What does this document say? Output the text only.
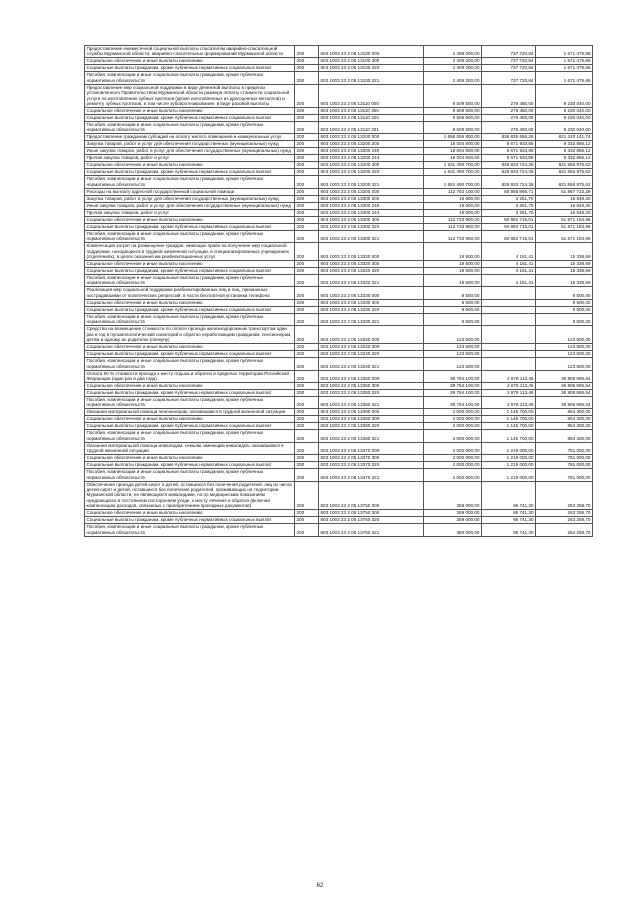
Предоставление ежемесячной социальной выплаты спасателям аварийно-спасательной службы Мурманской области, аварийно-спасательных формирований Мурманской области	200	603 1003 23 2 05 13100 000	2 499 200,00	737 720,84	1 671 479,86
Социальное обеспечение и иные выплаты населению	200	603 1003 23 2 05 13100 300	2 409 200,00	737 720,84	1 671 479,86
Социальные выплаты гражданам, кроме публичных нормативных социальных выплат	200	603 1003 23 2 05 13100 320	2 409 200,00	737 720,84	1 671 479,86
Пособия, компенсации и иные социальные выплаты гражданам, кроме публичных нормативных обязательств	200	603 1003 23 2 05 13100 321	2 409 200,00	737 720,84	1 671 479,86
Предоставление мер социальной поддержки в виде денежной выплаты в пределах установленного Правительством Мурманской области размера оплаты стоимости социальной услуги по изготовлению зубных протезов (кроме изготовленных из драгоценных металлов) и ремонту зубных протезов, в том числе зубопротезирование, в виде разовой выплаты	200	603 1003 23 2 05 13110 000	9 509 500,00	279 460,00	9 230 040,00
Социальное обеспечение и иные выплаты населению	200	603 1003 23 2 05 13110 300	9 509 500,00	279 460,00	9 230 040,00
Социальные выплаты гражданам, кроме публичных нормативных социальных выплат	200	603 1003 23 2 05 13110 320	9 509 500,00	279 460,00	9 230 040,00
Пособия, компенсации и иные социальные выплаты гражданам, кроме публичных нормативных обязательств	200	603 1003 23 2 05 13110 321	9 509 500,00	279 460,00	9 230 040,00
Предоставление гражданам субсидий на оплату жилого помещения и коммунальных услуг	200	603 1003 23 2 05 13200 000	1 658 055 800,00	836 835 658,26	821 220 141,74
Закупка товаров, работ и услуг для обеспечения государственных (муниципальных) нужд	200	603 1003 23 2 05 13200 200	18 004 800,00	8 671 933,88	9 332 866,12
Иные закупки товаров, работ и услуг для обеспечения государственных (муниципальных) нужд	200	603 1003 23 2 05 13200 240	18 004 800,00	8 671 933,88	9 332 866,12
Прочая закупка товаров, работ и услуг	200	603 1003 23 2 05 13200 244	18 004 800,00	8 671 933,88	9 332 866,12
Социальное обеспечение и иные выплаты населению	200	603 1003 23 2 05 13200 300	1 631 490 700,00	828 833 724,38	821 556 975,62
Социальные выплаты гражданам, кроме публичных нормативных социальных выплат	200	603 1003 23 2 05 13200 320	1 631 490 700,00	828 833 724,38	821 556 975,62
Пособия, компенсации и иные социальные выплаты гражданам, кроме публичных нормативных обязательств	200	603 1003 23 2 05 13200 321	1 651 490 700,00	829 933 724,38	821 556 975,62
Расходы на выплату адресной государственной социальной помощи	200	603 1003 23 2 05 13300 000	112 763 100,00	60 866 866,71	51 887 733,29
Закупка товаров, работ и услуг для обеспечения государственных (муниципальных) нужд	200	603 1003 23 2 05 13300 200	19 600,00	3 251,70	16 548,30
Иные закупки товаров, работ и услуг для обеспечения государственных (муниципальных) нужд	200	603 1003 23 2 05 13300 240	19 600,00	3 251,70	16 548,30
Прочая закупка товаров, работ и услуг	200	603 1003 23 2 05 13300 244	19 600,00	3 251,70	16 548,30
Социальное обеспечение и иные выплаты населению	200	603 1003 23 2 05 13300 300	112 733 900,00	60 862 715,01	51 871 184,99
Социальные выплаты гражданам, кроме публичных нормативных социальных выплат	200	603 1003 23 2 05 13300 320	112 733 900,00	60 862 715,01	51 871 184,99
Пособия, компенсации и иные социальные выплаты гражданам, кроме публичных нормативных обязательств	200	603 1003 23 2 05 13300 321	112 733 900,00	60 862 715,01	51 871 184,99
Компенсация затрат на размещение граждан, имеющих право на получение мер социальной поддержки, находящихся в трудной жизненной ситуации, в специализированных учреждениях (отделениях), в целях оказания им реабилитационных услуг	200	603 1003 23 2 05 13320 000	19 500,00	4 161,41	15 338,59
Социальное обеспечение и иные выплаты населению	200	603 1003 23 2 05 13320 300	19 500,00	4 161,41	15 338,59
Социальные выплаты гражданам, кроме публичных нормативных социальных выплат	200	603 1003 23 2 05 13320 320	19 500,00	4 161,41	15 338,59
Пособия, компенсации и иные социальные выплаты гражданам, кроме публичных нормативных обязательств	200	603 1003 23 2 05 13320 321	19 500,00	4 161,41	15 338,59
Реализация мер социальной поддержки реабилитированных лиц и лиц, признанных пострадавшими от политических репрессий, в части бесплатной установки телефона	200	603 1003 23 2 05 13330 000	9 500,00		9 500,00
Социальное обеспечение и иные выплаты населению	200	603 1003 23 2 05 13330 300	9 500,00		9 500,00
Социальные выплаты гражданам, кроме публичных нормативных социальных выплат	200	603 1003 23 2 05 13330 320	9 500,00		9 500,00
Пособия, компенсации и иные социальные выплаты гражданам, кроме публичных нормативных обязательств	200	603 1003 23 2 05 13330 321	9 500,00		9 500,00
Средства на возмещение стоимости по оплате проезда железнодорожным транспортом один раз в год в пульмонологический санаторий и обратно неработающим гражданам, пенсионерам, детям и одному их родителю (опекуну)	200	603 1003 23 2 05 13340 000	123 500,00		123 500,00
Социальное обеспечение и иные выплаты населению	200	603 1003 23 2 05 13340 300	123 500,00		123 500,00
Социальные выплаты гражданам, кроме публичных нормативных социальных выплат	200	603 1003 23 2 05 13340 320	123 500,00		123 500,00
Пособия, компенсации и иные социальные выплаты гражданам, кроме публичных нормативных обязательств	200	603 1003 23 2 05 13340 321	123 500,00		123 500,00
Оплата 50 % стоимости проезда к месту отдыха и обратно в пределах территории Российской Федерации (один раз в два года)	200	603 1003 23 2 05 13350 000	39 784 100,00	2 878 113,46	36 905 986,54
Социальное обеспечение и иные выплаты населению	200	603 1003 23 2 05 13350 300	39 784 100,00	2 878 113,46	36 905 986,54
Социальные выплаты гражданам, кроме публичных нормативных социальных выплат	200	603 1003 23 2 05 13350 320	39 784 100,00	2 878 113,46	36 905 986,54
Пособия, компенсации и иные социальные выплаты гражданам, кроме публичных нормативных обязательств	200	603 1003 23 2 05 13350 321	39 784 100,00	2 878 113,46	36 905 986,54
Оказание материальной помощи пенсионерам, оказавшимся в трудной жизненной ситуации	200	603 1003 23 2 05 13360 000	2 000 000,00	1 145 700,00	854 300,00
Социальное обеспечение и иные выплаты населению	200	603 1003 23 2 05 13360 300	2 000 000,00	1 145 700,00	854 300,00
Социальные выплаты гражданам, кроме публичных нормативных социальных выплат	200	603 1003 23 2 05 13360 320	2 000 000,00	1 145 700,00	854 300,00
Пособия, компенсации и иные социальные выплаты гражданам, кроме публичных нормативных обязательств	200	603 1003 23 2 05 13360 321	2 000 000,00	1 145 700,00	854 300,00
Оказание материальной помощи инвалидам, семьям, имеющим инвалидов, оказавшимся в трудной жизненной ситуации	200	603 1003 23 2 05 13370 000	2 000 000,00	1 219 000,00	781 000,00
Социальное обеспечение и иные выплаты населению	200	603 1003 23 2 05 13370 300	2 000 000,00	1 219 000,00	781 000,00
Социальные выплаты гражданам, кроме публичных нормативных социальных выплат	200	603 1003 23 2 05 13370 320	2 000 000,00	1 219 000,00	781 000,00
Пособия, компенсации и иные социальные выплаты гражданам, кроме публичных нормативных обязательств	200	603 1003 23 2 05 13370 321	2 000 000,00	1 219 000,00	781 000,00
Обеспечение проезда детей-сирот и детей, оставшихся без попечения родителей, лиц из числа детей-сирот и детей, оставшихся без попечения родителей, проживающих на территории Мурманской области, не являющихся инвалидами, но по медицинским показаниям нуждающихся в постоянном постороннем уходе, к месту лечения и обратно (включая компенсацию расходов, связанных с приобретением проездных документов)	200	603 1003 23 2 05 13750 000	359 000,00	95 741,30	263 258,70
Социальное обеспечение и иные выплаты населению	200	603 1003 23 2 05 13750 300	359 000,00	95 741,30	263 258,70
Социальные выплаты гражданам, кроме публичных нормативных социальных выплат	200	603 1003 23 2 05 13750 320	359 000,00	95 741,30	263 258,70
Пособия, компенсации и иные социальные выплаты гражданам, кроме публичных нормативных обязательств	200	603 1003 23 2 05 13750 321	360 000,00	95 741,30	264 258,70
62
